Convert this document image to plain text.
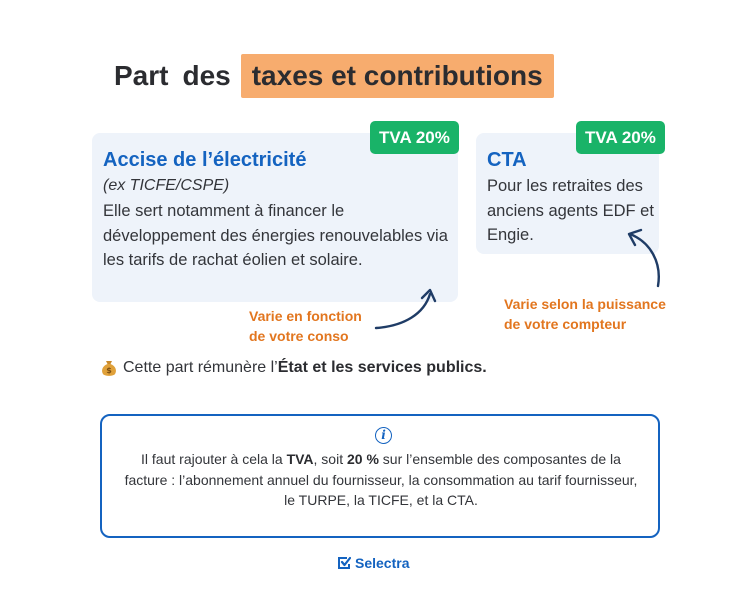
Part des taxes et contributions
Accise de l’électricité
(ex TICFE/CSPE)
Elle sert notamment à financer le développement des énergies renouvelables via les tarifs de rachat éolien et solaire.
TVA 20%
CTA
Pour les retraites des anciens agents EDF et Engie.
TVA 20%
Varie en fonction
de votre conso
Varie selon la puissance
de votre compteur
$ Cette part rémunère l’ État et les services publics.
i
Il faut rajouter à cela la TVA, soit 20 % sur l’ensemble des composantes de la facture : l’abonnement annuel du fournisseur, la consommation au tarif fournisseur, le TURPE, la TICFE, et la CTA.
Selectra
